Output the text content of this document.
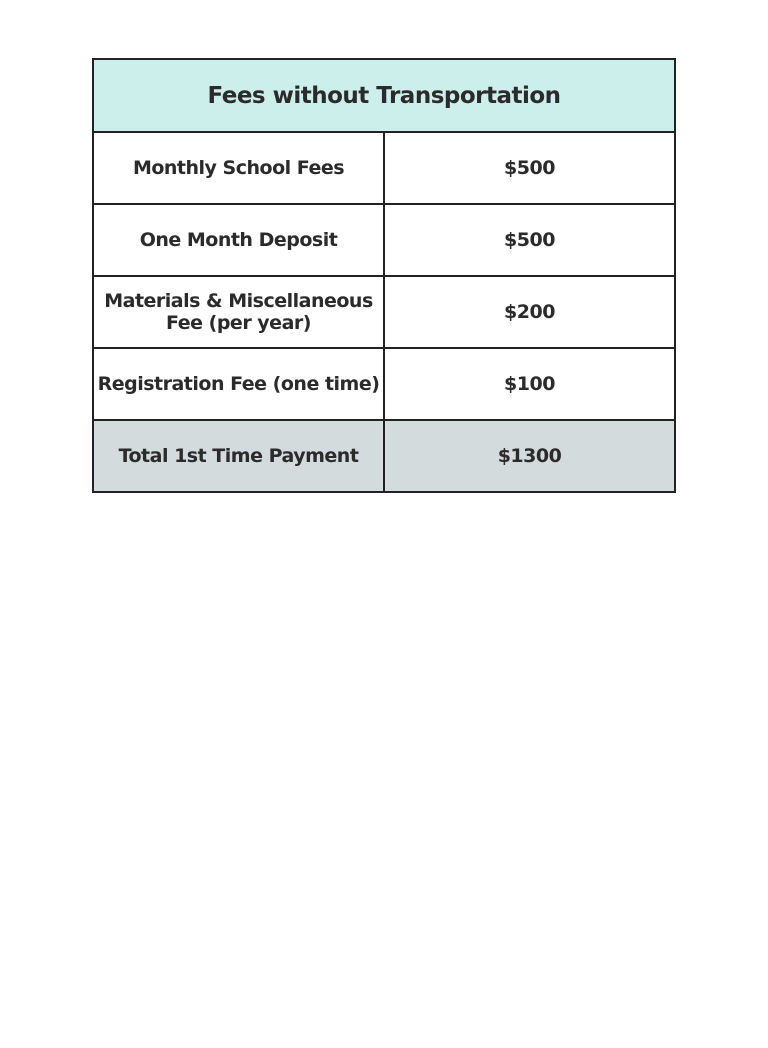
Fees without Transportation	
Monthly School Fees	$500
One Month Deposit	$500
Materials & Miscellaneous Fee (per year)	$200
Registration Fee (one time)	$100
Total 1st Time Payment	$1300
